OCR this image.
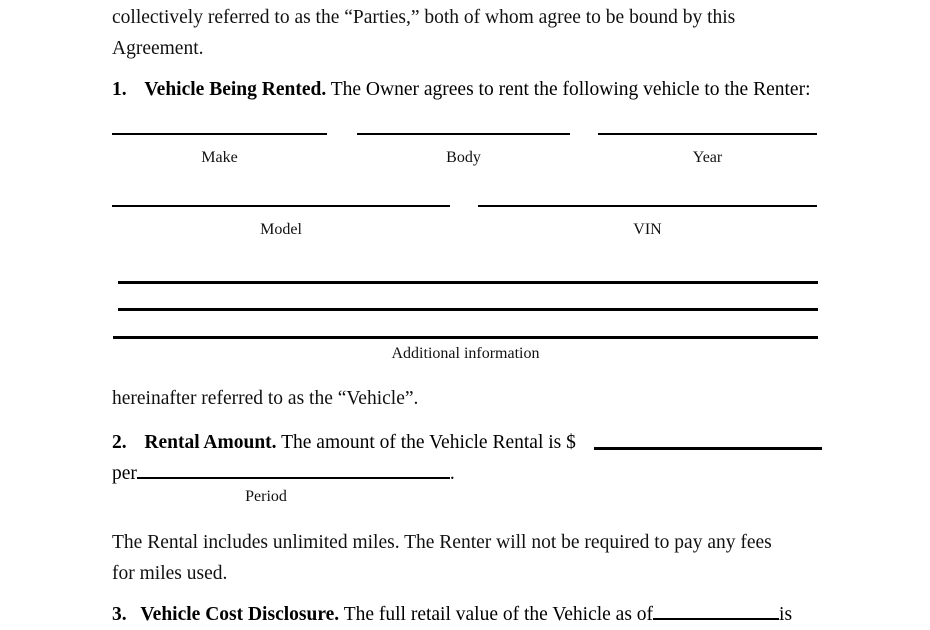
collectively referred to as the “Parties,” both of whom agree to be bound by this
Agreement.
1. Vehicle Being Rented. The Owner agrees to rent the following vehicle to the Renter:
Make	Body	Year
Model	VIN
Additional information
hereinafter referred to as the “Vehicle”.
2. Rental Amount. The amount of the Vehicle Rental is $
per	.
Period
The Rental includes unlimited miles. The Renter will not be required to pay any fees
for miles used.
3. Vehicle Cost Disclosure. The full retail value of the Vehicle as of	is
